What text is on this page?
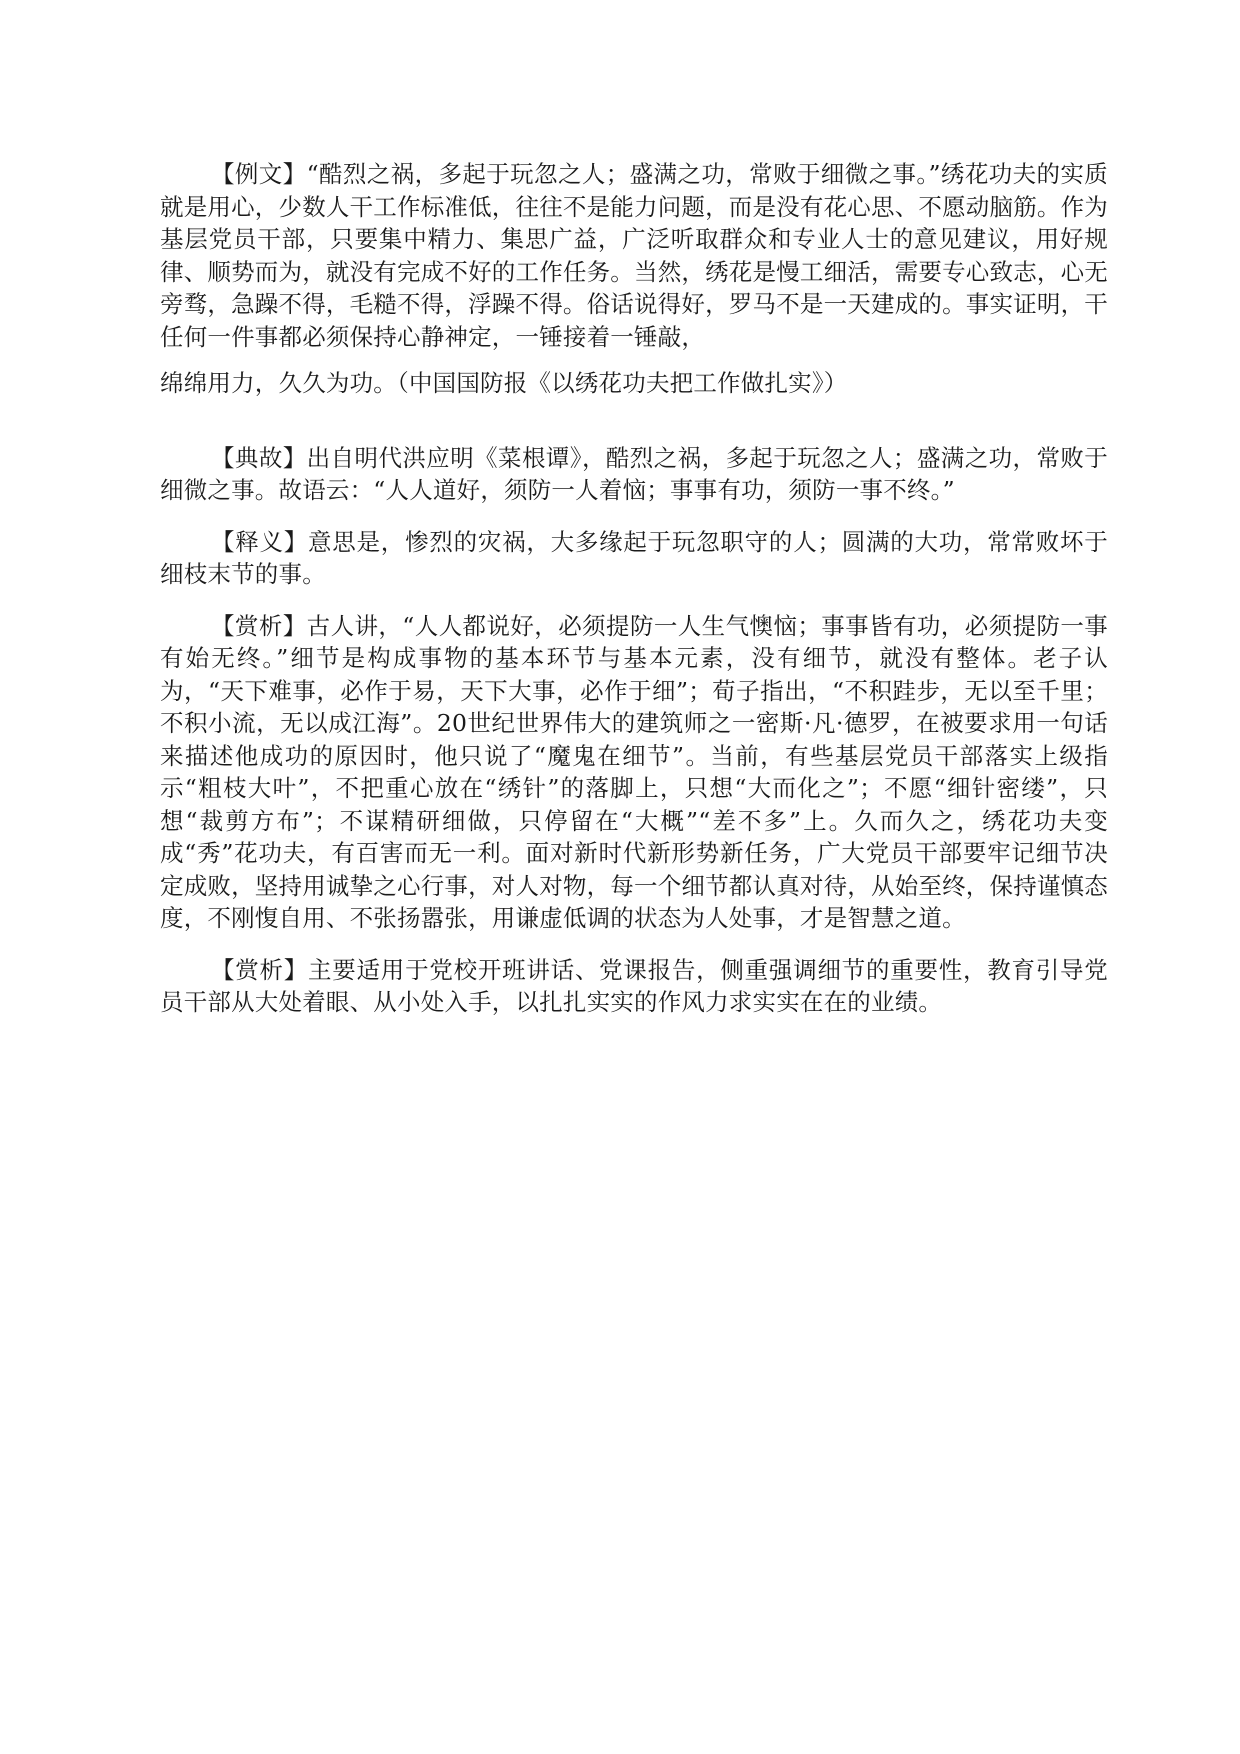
【例文】“酷烈之祸，多起于玩忽之人；盛满之功，常败于细微之事。”绣花功夫的实质就是用心，少数人干工作标准低，往往不是能力问题，而是没有花心思、不愿动脑筋。作为基层党员干部，只要集中精力、集思广益，广泛听取群众和专业人士的意见建议，用好规律、顺势而为，就没有完成不好的工作任务。当然，绣花是慢工细活，需要专心致志，心无旁骛，急躁不得，毛糙不得，浮躁不得。俗话说得好，罗马不是一天建成的。事实证明，干任何一件事都必须保持心静神定，一锤接着一锤敲，
绵绵用力，久久为功。（中国国防报《以绣花功夫把工作做扎实》）

【典故】出自明代洪应明《菜根谭》，酷烈之祸，多起于玩忽之人；盛满之功，常败于细微之事。故语云：“人人道好，须防一人着恼；事事有功，须防一事不终。”

【释义】意思是，惨烈的灾祸，大多缘起于玩忽职守的人；圆满的大功，常常败坏于细枝末节的事。

【赏析】古人讲，“人人都说好，必须提防一人生气懊恼；事事皆有功，必须提防一事有始无终。”细节是构成事物的基本环节与基本元素，没有细节，就没有整体。老子认为，“天下难事，必作于易，天下大事，必作于细”；荀子指出，“不积跬步，无以至千里；不积小流，无以成江海”。20世纪世界伟大的建筑师之一密斯·凡·德罗，在被要求用一句话来描述他成功的原因时，他只说了“魔鬼在细节”。当前，有些基层党员干部落实上级指示“粗枝大叶”，不把重心放在“绣针”的落脚上，只想“大而化之”；不愿“细针密缕”，只想“裁剪方布”；不谋精研细做，只停留在“大概”“差不多”上。久而久之，绣花功夫变成“秀”花功夫，有百害而无一利。面对新时代新形势新任务，广大党员干部要牢记细节决定成败，坚持用诚挚之心行事，对人对物，每一个细节都认真对待，从始至终，保持谨慎态度，不刚愎自用、不张扬嚣张，用谦虚低调的状态为人处事，才是智慧之道。

【赏析】主要适用于党校开班讲话、党课报告，侧重强调细节的重要性，教育引导党员干部从大处着眼、从小处入手，以扎扎实实的作风力求实实在在的业绩。
